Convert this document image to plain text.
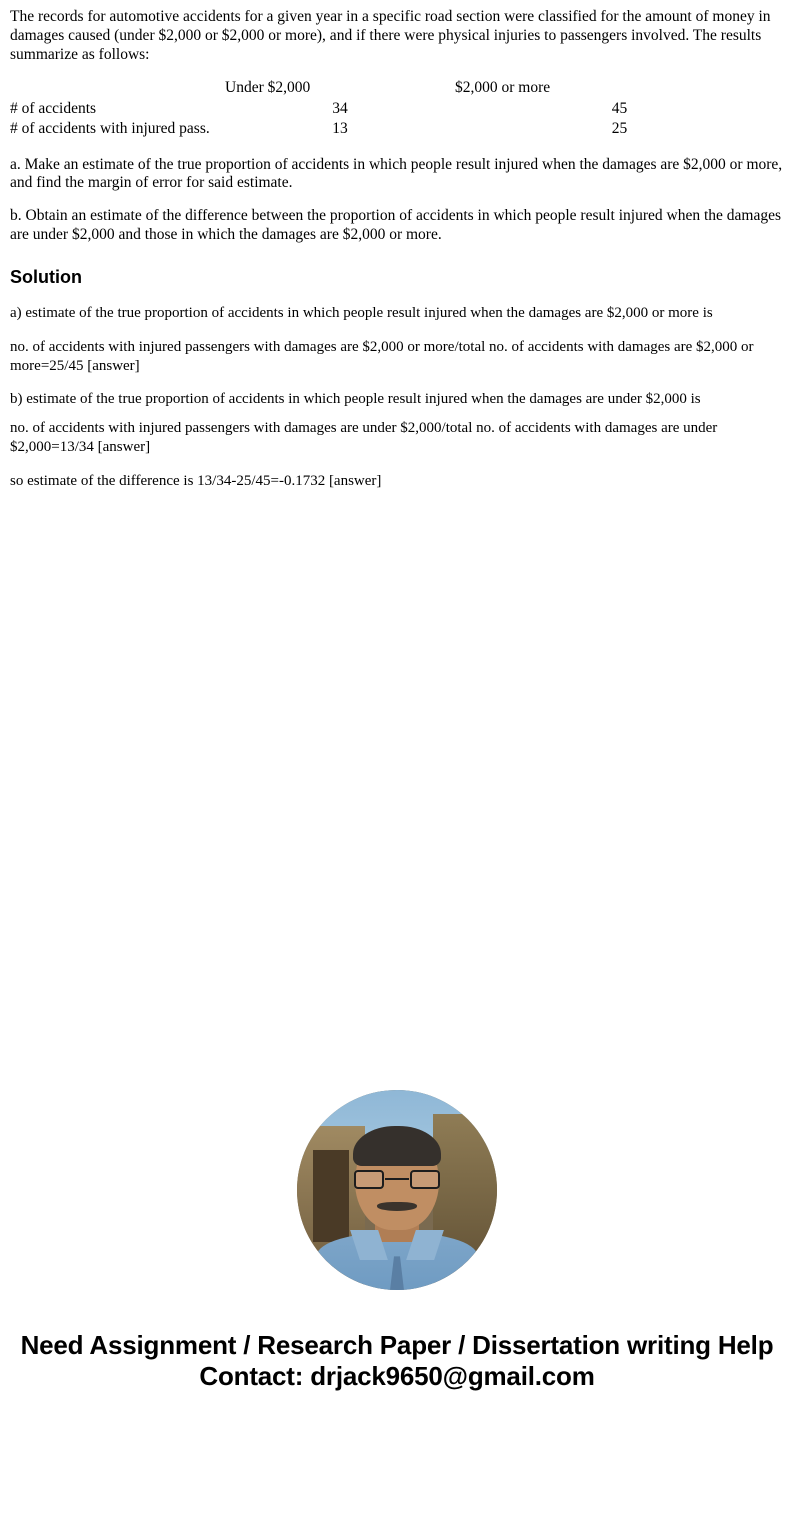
The records for automotive accidents for a given year in a specific road section were classified for the amount of money in damages caused (under $2,000 or $2,000 or more), and if there were physical injuries to passengers involved. The results summarize as follows:

	Under $2,000	$2,000 or more
# of accidents	34	45
# of accidents with injured pass.	13	25

a. Make an estimate of the true proportion of accidents in which people result injured when the damages are $2,000 or more, and find the margin of error for said estimate.

b. Obtain an estimate of the difference between the proportion of accidents in which people result injured when the damages are under $2,000 and those in which the damages are $2,000 or more.

Solution

a) estimate of the true proportion of accidents in which people result injured when the damages are $2,000 or more is

no. of accidents with injured passengers with damages are $2,000 or more/total no. of accidents with damages are $2,000 or more=25/45 [answer]

b) estimate of the true proportion of accidents in which people result injured when the damages are under $2,000 is

no. of accidents with injured passengers with damages are under $2,000/total no. of accidents with damages are under $2,000=13/34 [answer]

so estimate of the difference is 13/34-25/45=-0.1732 [answer]

Need Assignment / Research Paper / Dissertation writing Help
Contact: drjack9650@gmail.com
